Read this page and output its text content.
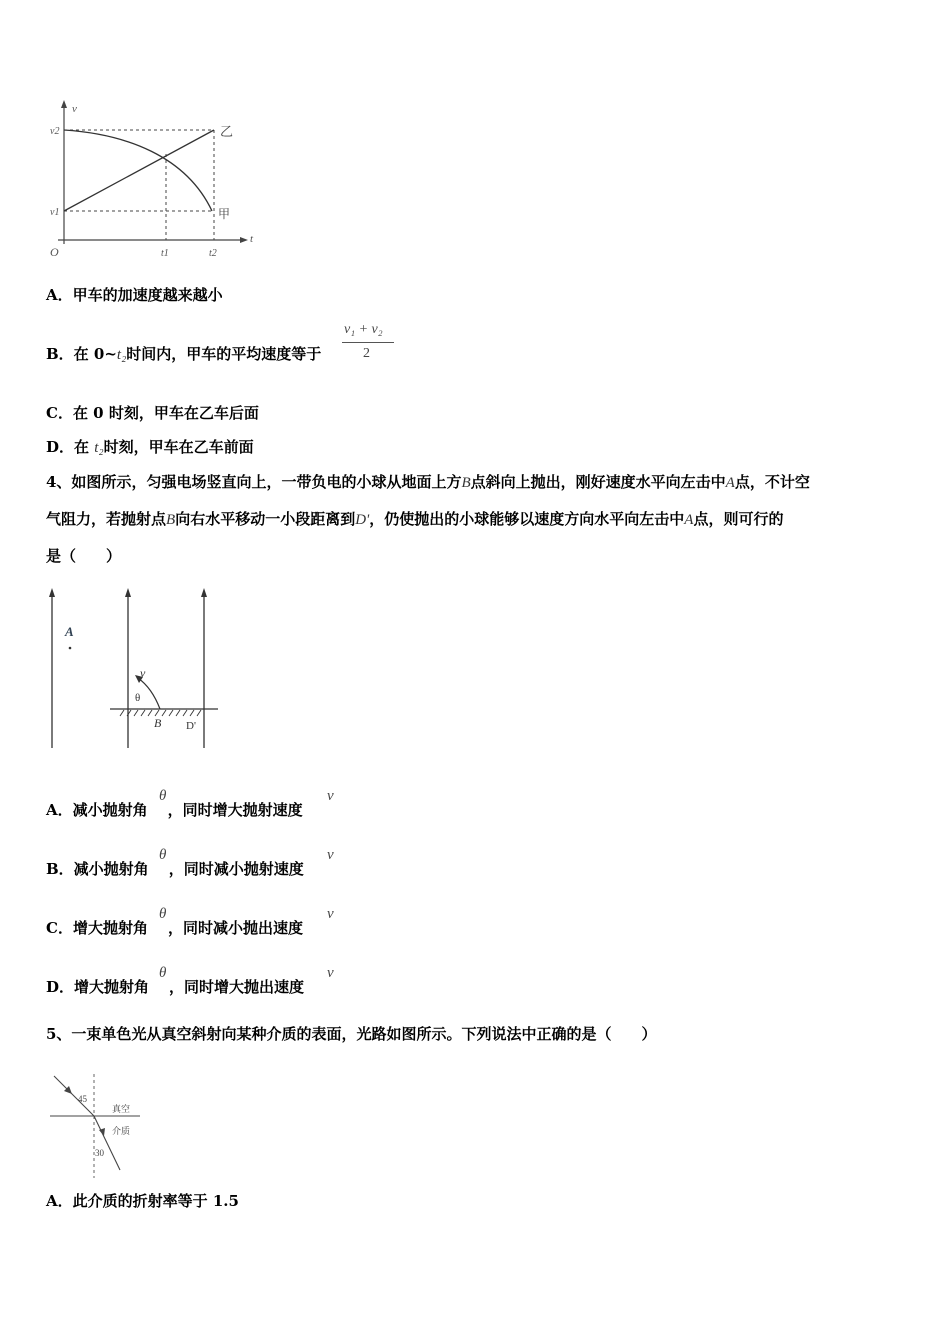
v
t
O
v2
v1
t1	t2
乙
甲
A．甲车的加速度越来越小
B．在 0~t₂时间内，甲车的平均速度等于
v₁ + v₂
2
C．在 0 时刻，甲车在乙车后面
D．在 t₂时刻，甲车在乙车前面
4、如图所示，匀强电场竖直向上，一带负电的小球从地面上方B点斜向上抛出，刚好速度水平向左击中A点，不计空
气阻力，若抛射点B向右水平移动一小段距离到D'，仍使抛出的小球能够以速度方向水平向左击中A点，则可行的
是（　　）
A
v
θ
B D'
A．减小抛射角 ，同时增大抛射速度
θ	v
B．减小抛射角 ，同时减小抛射速度
θ	v
C．增大抛射角 ，同时减小抛出速度
θ	v
D．增大抛射角 ，同时增大抛出速度
θ	v
5、一束单色光从真空斜射向某种介质的表面，光路如图所示。下列说法中正确的是（　　）
45
30
真空
介质
A．此介质的折射率等于 1.5
